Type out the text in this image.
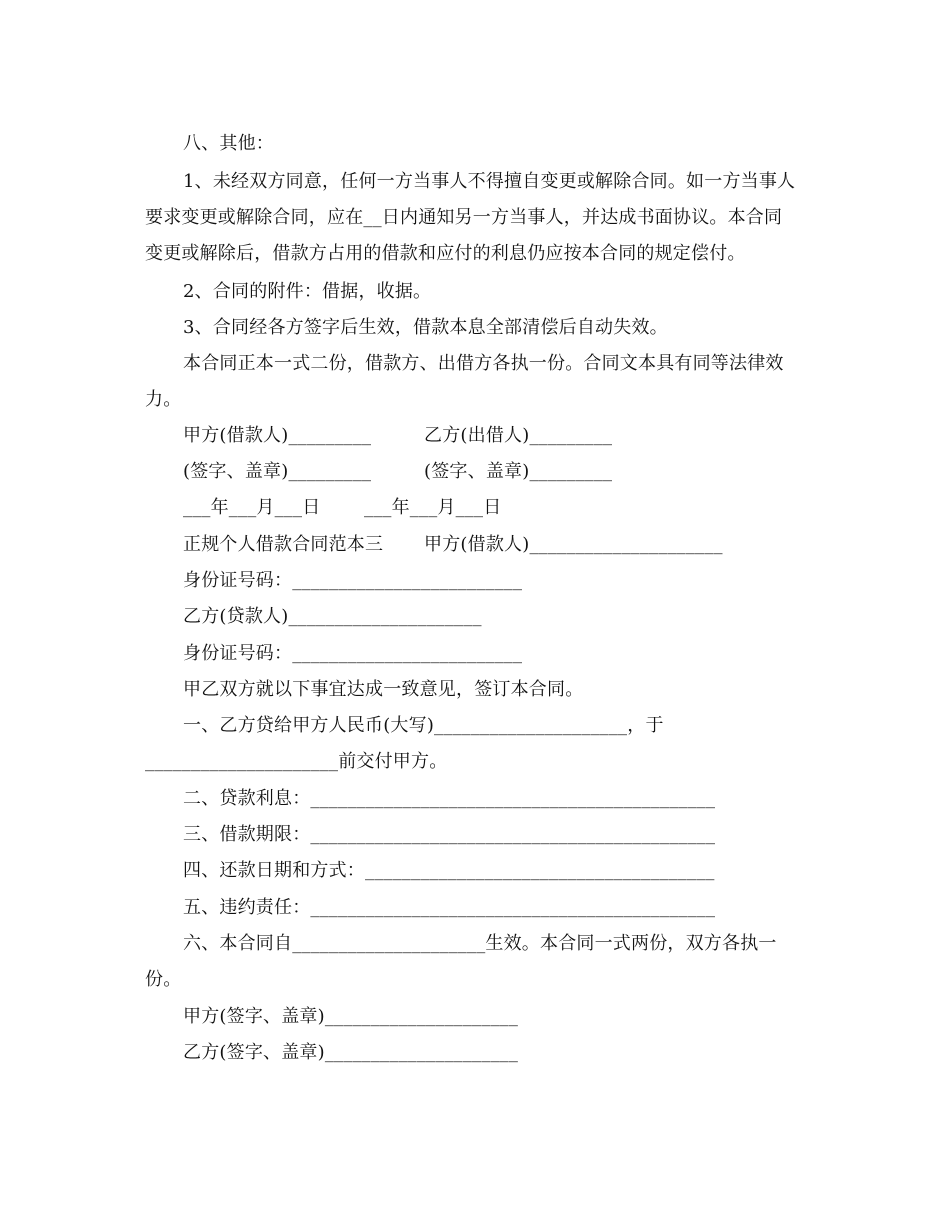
八、其他：
1、未经双方同意，任何一方当事人不得擅自变更或解除合同。如一方当事人
要求变更或解除合同，应在__日内通知另一方当事人，并达成书面协议。本合同
变更或解除后，借款方占用的借款和应付的利息仍应按本合同的规定偿付。
2、合同的附件：借据，收据。
3、合同经各方签字后生效，借款本息全部清偿后自动失效。
本合同正本一式二份，借款方、出借方各执一份。合同文本具有同等法律效
力。
甲方(借款人)_________	乙方(出借人)_________
(签字、盖章)_________	(签字、盖章)_________
___年___月___日 ___年___月___日
正规个人借款合同范本三 甲方(借款人)_____________________
身份证号码：_________________________
乙方(贷款人)_____________________
身份证号码：_________________________
甲乙双方就以下事宜达成一致意见，签订本合同。
一、乙方贷给甲方人民币(大写)_____________________，于
_____________________前交付甲方。
二、贷款利息：____________________________________________
三、借款期限：____________________________________________
四、还款日期和方式：______________________________________
五、违约责任：____________________________________________
六、本合同自_____________________生效。本合同一式两份，双方各执一
份。
甲方(签字、盖章)_____________________
乙方(签字、盖章)_____________________
